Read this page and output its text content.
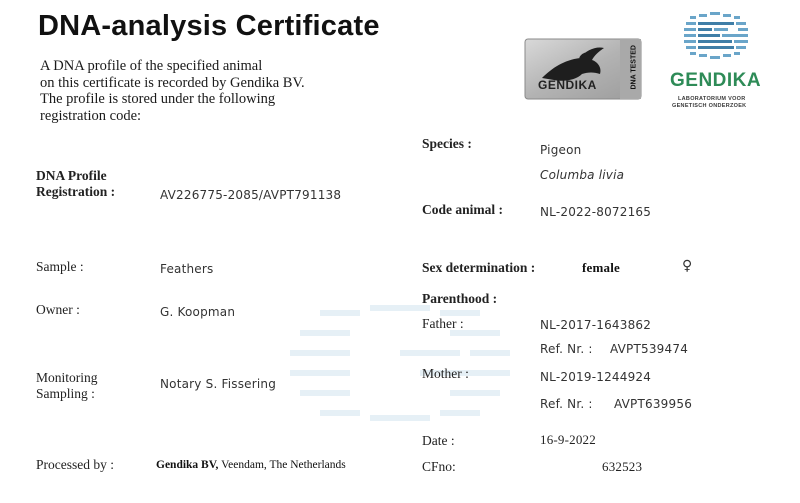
DNA-analysis Certificate
A DNA profile of the specified animal
on this certificate is recorded by Gendika BV.
The profile is stored under the following
registration code:
GENDIKA	DNA TESTED GENDIKA
LABORATORIUM VOOR
GENETISCH ONDERZOEK
DNA Profile
Registration :	AV226775-2085/AVPT791138
Sample :	Feathers
Owner :	G. Koopman
Monitoring
Sampling :
Notary S. Fissering
Processed by :	Gendika BV, Veendam, The Netherlands
Species :	Pigeon
Columba livia
Code animal :	NL-2022-8072165
Sex determination :	female	♀
Parenthood :
Father :	NL-2017-1643862
Ref. Nr. : AVPT539474
Mother :	NL-2019-1244924
Ref. Nr. : AVPT639956
Date :	16-9-2022
CFno:	632523
